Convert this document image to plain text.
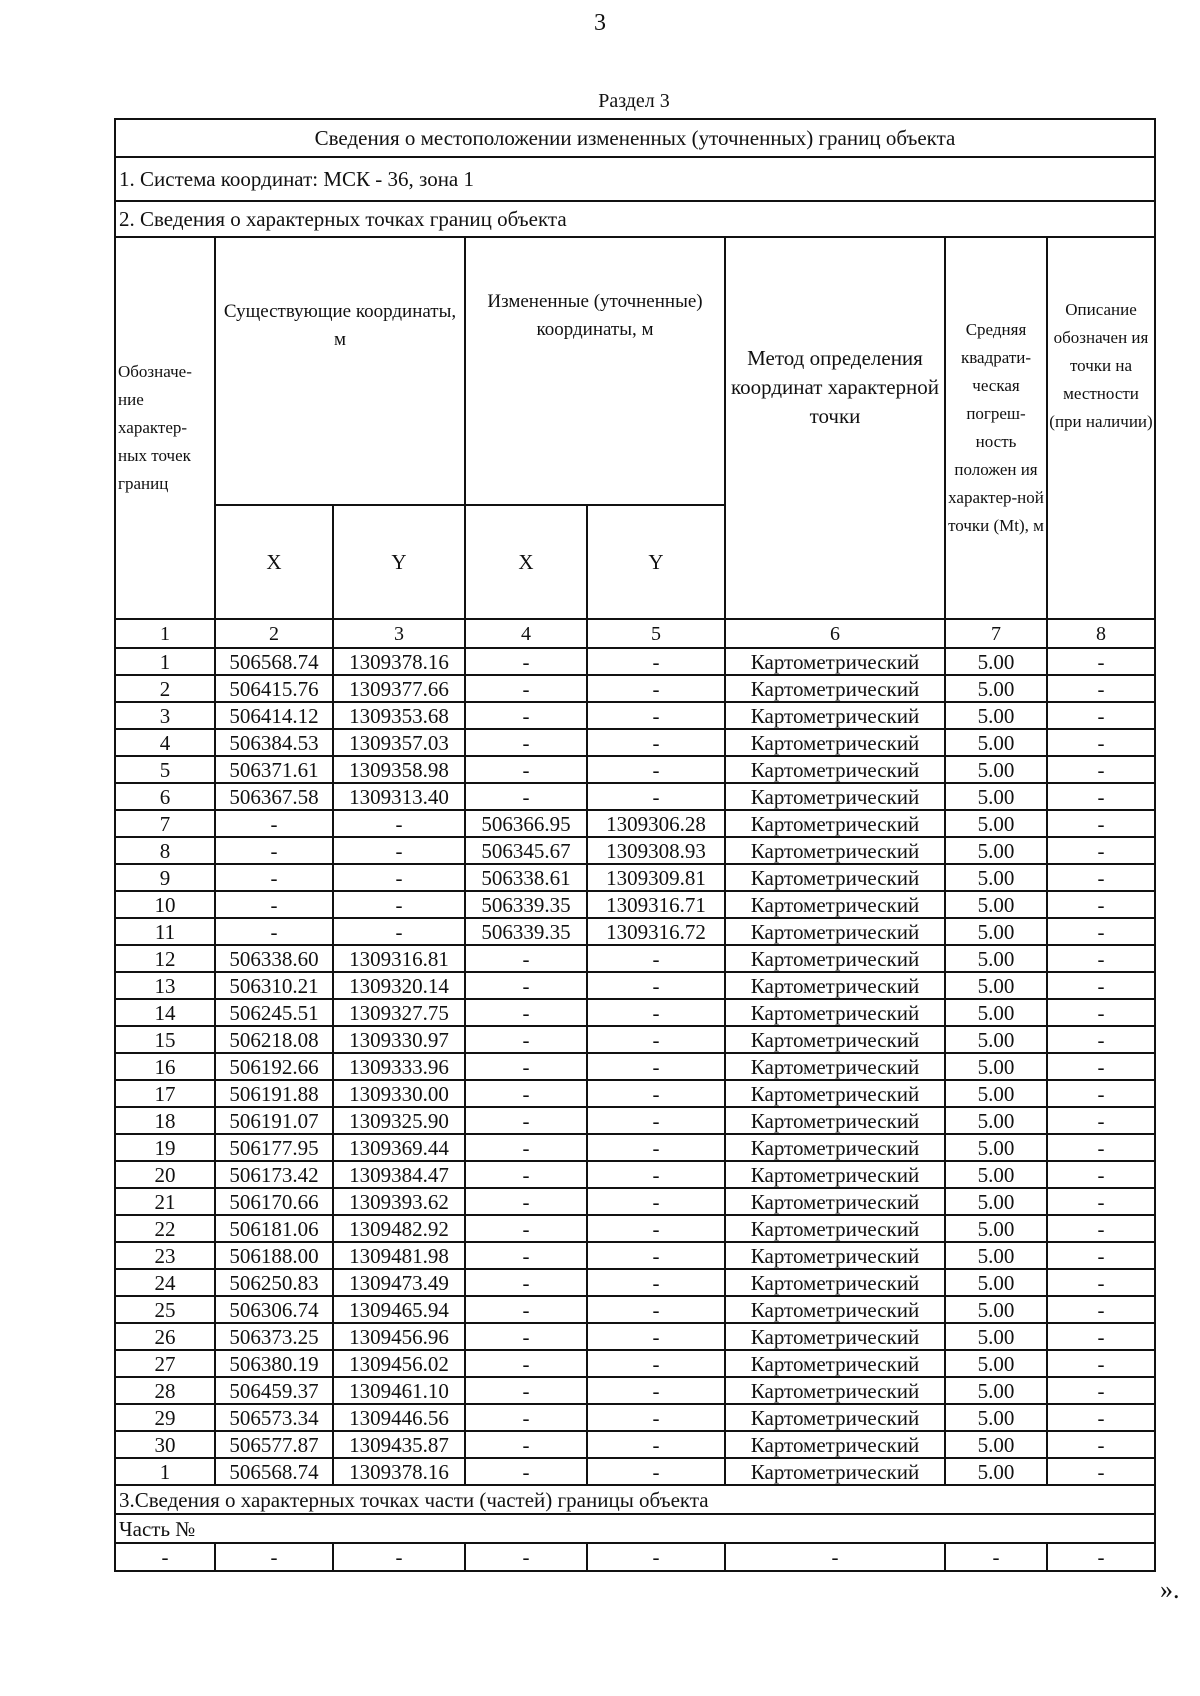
3
Раздел 3
Сведения о местоположении измененных (уточненных) границ объекта							
1. Система координат: МСК - 36, зона 1							
2. Сведения о характерных точках границ объекта							
Обозначе-ние характер-ных точек границ	Существующие координаты, м		Измененные (уточненные) координаты, м		Метод определения координат характерной точки	Средняя квадрати-ческая погреш-ность положен ия характер-ной точки (Mt), м	Описание обозначен ия точки на местности (при наличии)
	X	Y	X	Y			
1	2	3	4	5	6	7	8
1	506568.74	1309378.16	-	-	Картометрический	5.00	-
2	506415.76	1309377.66	-	-	Картометрический	5.00	-
3	506414.12	1309353.68	-	-	Картометрический	5.00	-
4	506384.53	1309357.03	-	-	Картометрический	5.00	-
5	506371.61	1309358.98	-	-	Картометрический	5.00	-
6	506367.58	1309313.40	-	-	Картометрический	5.00	-
7	-	-	506366.95	1309306.28	Картометрический	5.00	-
8	-	-	506345.67	1309308.93	Картометрический	5.00	-
9	-	-	506338.61	1309309.81	Картометрический	5.00	-
10	-	-	506339.35	1309316.71	Картометрический	5.00	-
11	-	-	506339.35	1309316.72	Картометрический	5.00	-
12	506338.60	1309316.81	-	-	Картометрический	5.00	-
13	506310.21	1309320.14	-	-	Картометрический	5.00	-
14	506245.51	1309327.75	-	-	Картометрический	5.00	-
15	506218.08	1309330.97	-	-	Картометрический	5.00	-
16	506192.66	1309333.96	-	-	Картометрический	5.00	-
17	506191.88	1309330.00	-	-	Картометрический	5.00	-
18	506191.07	1309325.90	-	-	Картометрический	5.00	-
19	506177.95	1309369.44	-	-	Картометрический	5.00	-
20	506173.42	1309384.47	-	-	Картометрический	5.00	-
21	506170.66	1309393.62	-	-	Картометрический	5.00	-
22	506181.06	1309482.92	-	-	Картометрический	5.00	-
23	506188.00	1309481.98	-	-	Картометрический	5.00	-
24	506250.83	1309473.49	-	-	Картометрический	5.00	-
25	506306.74	1309465.94	-	-	Картометрический	5.00	-
26	506373.25	1309456.96	-	-	Картометрический	5.00	-
27	506380.19	1309456.02	-	-	Картометрический	5.00	-
28	506459.37	1309461.10	-	-	Картометрический	5.00	-
29	506573.34	1309446.56	-	-	Картометрический	5.00	-
30	506577.87	1309435.87	-	-	Картометрический	5.00	-
1	506568.74	1309378.16	-	-	Картометрический	5.00	-
3.Сведения о характерных точках части (частей) границы объекта							
Часть №							
-	-	-	-	-	-	-	-
».
